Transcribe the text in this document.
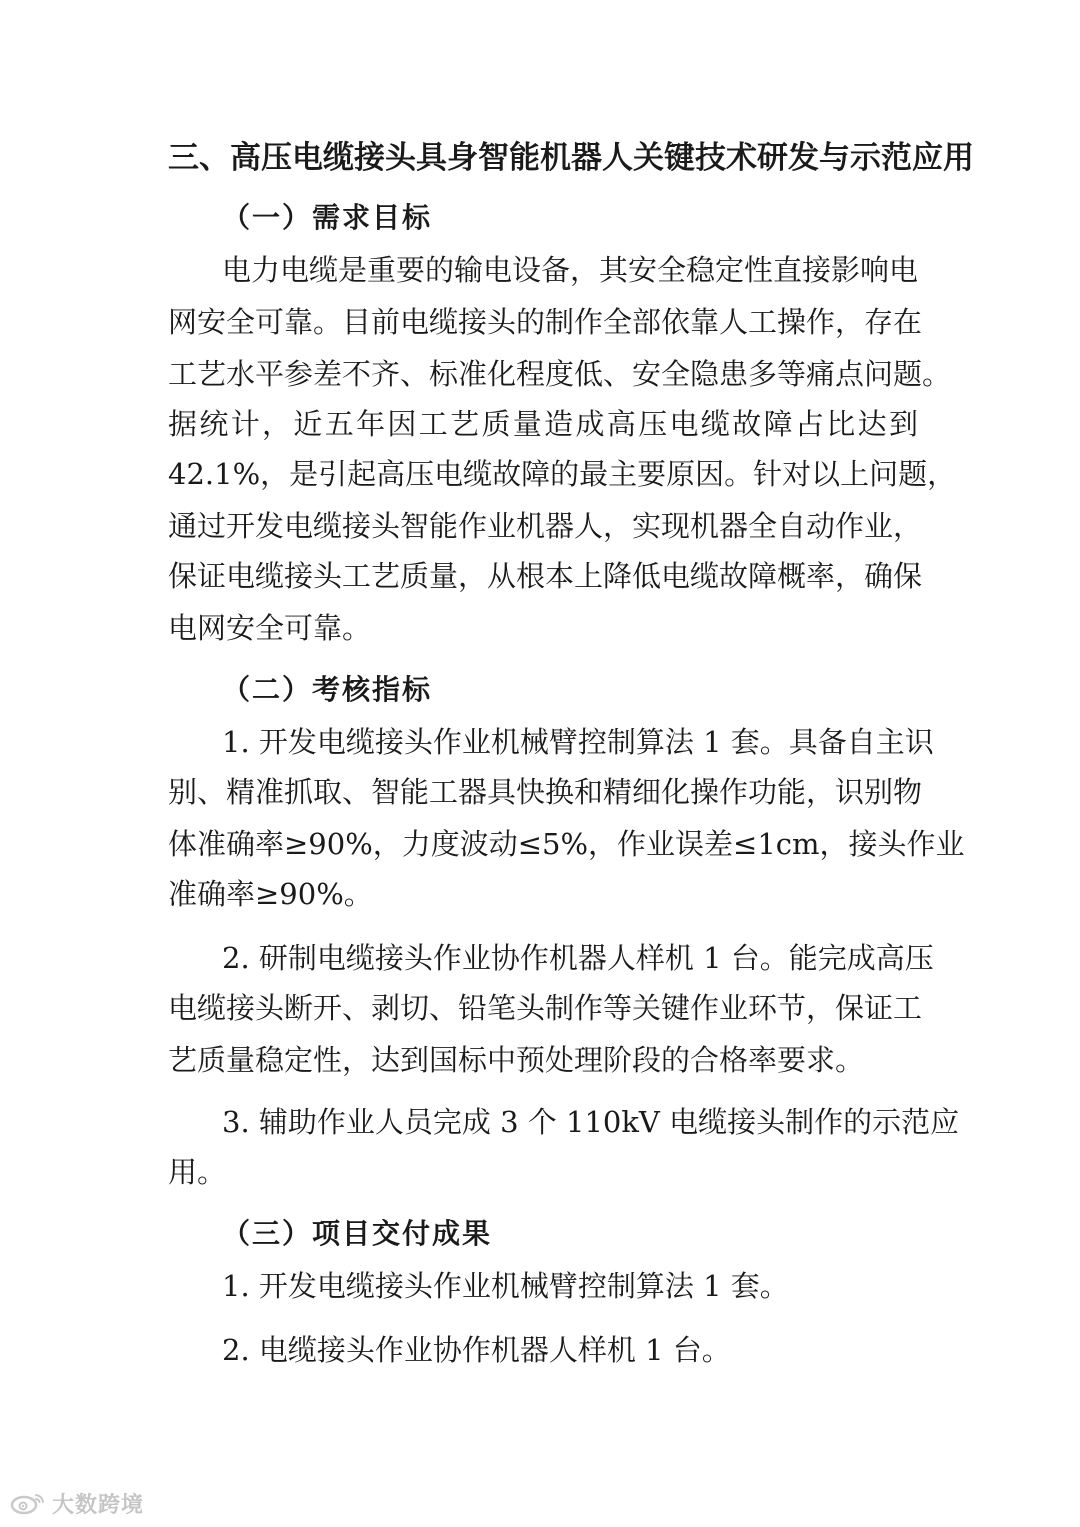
三、高压电缆接头具身智能机器人关键技术研发与示范应用
（一）需求目标
电力电缆是重要的输电设备，其安全稳定性直接影响电
网安全可靠。目前电缆接头的制作全部依靠人工操作，存在
工艺水平参差不齐、标准化程度低、安全隐患多等痛点问题。
据统计，近五年因工艺质量造成高压电缆故障占比达到
42.1%，是引起高压电缆故障的最主要原因。针对以上问题，
通过开发电缆接头智能作业机器人，实现机器全自动作业，
保证电缆接头工艺质量，从根本上降低电缆故障概率，确保
电网安全可靠。
（二）考核指标
1. 开发电缆接头作业机械臂控制算法 1 套。具备自主识
别、精准抓取、智能工器具快换和精细化操作功能，识别物
体准确率≥90%，力度波动≤5%，作业误差≤1cm，接头作业
准确率≥90%。
2. 研制电缆接头作业协作机器人样机 1 台。能完成高压
电缆接头断开、剥切、铅笔头制作等关键作业环节，保证工
艺质量稳定性，达到国标中预处理阶段的合格率要求。
3. 辅助作业人员完成 3 个 110kV 电缆接头制作的示范应
用。
（三）项目交付成果
1. 开发电缆接头作业机械臂控制算法 1 套。
2. 电缆接头作业协作机器人样机 1 台。
大数跨境
